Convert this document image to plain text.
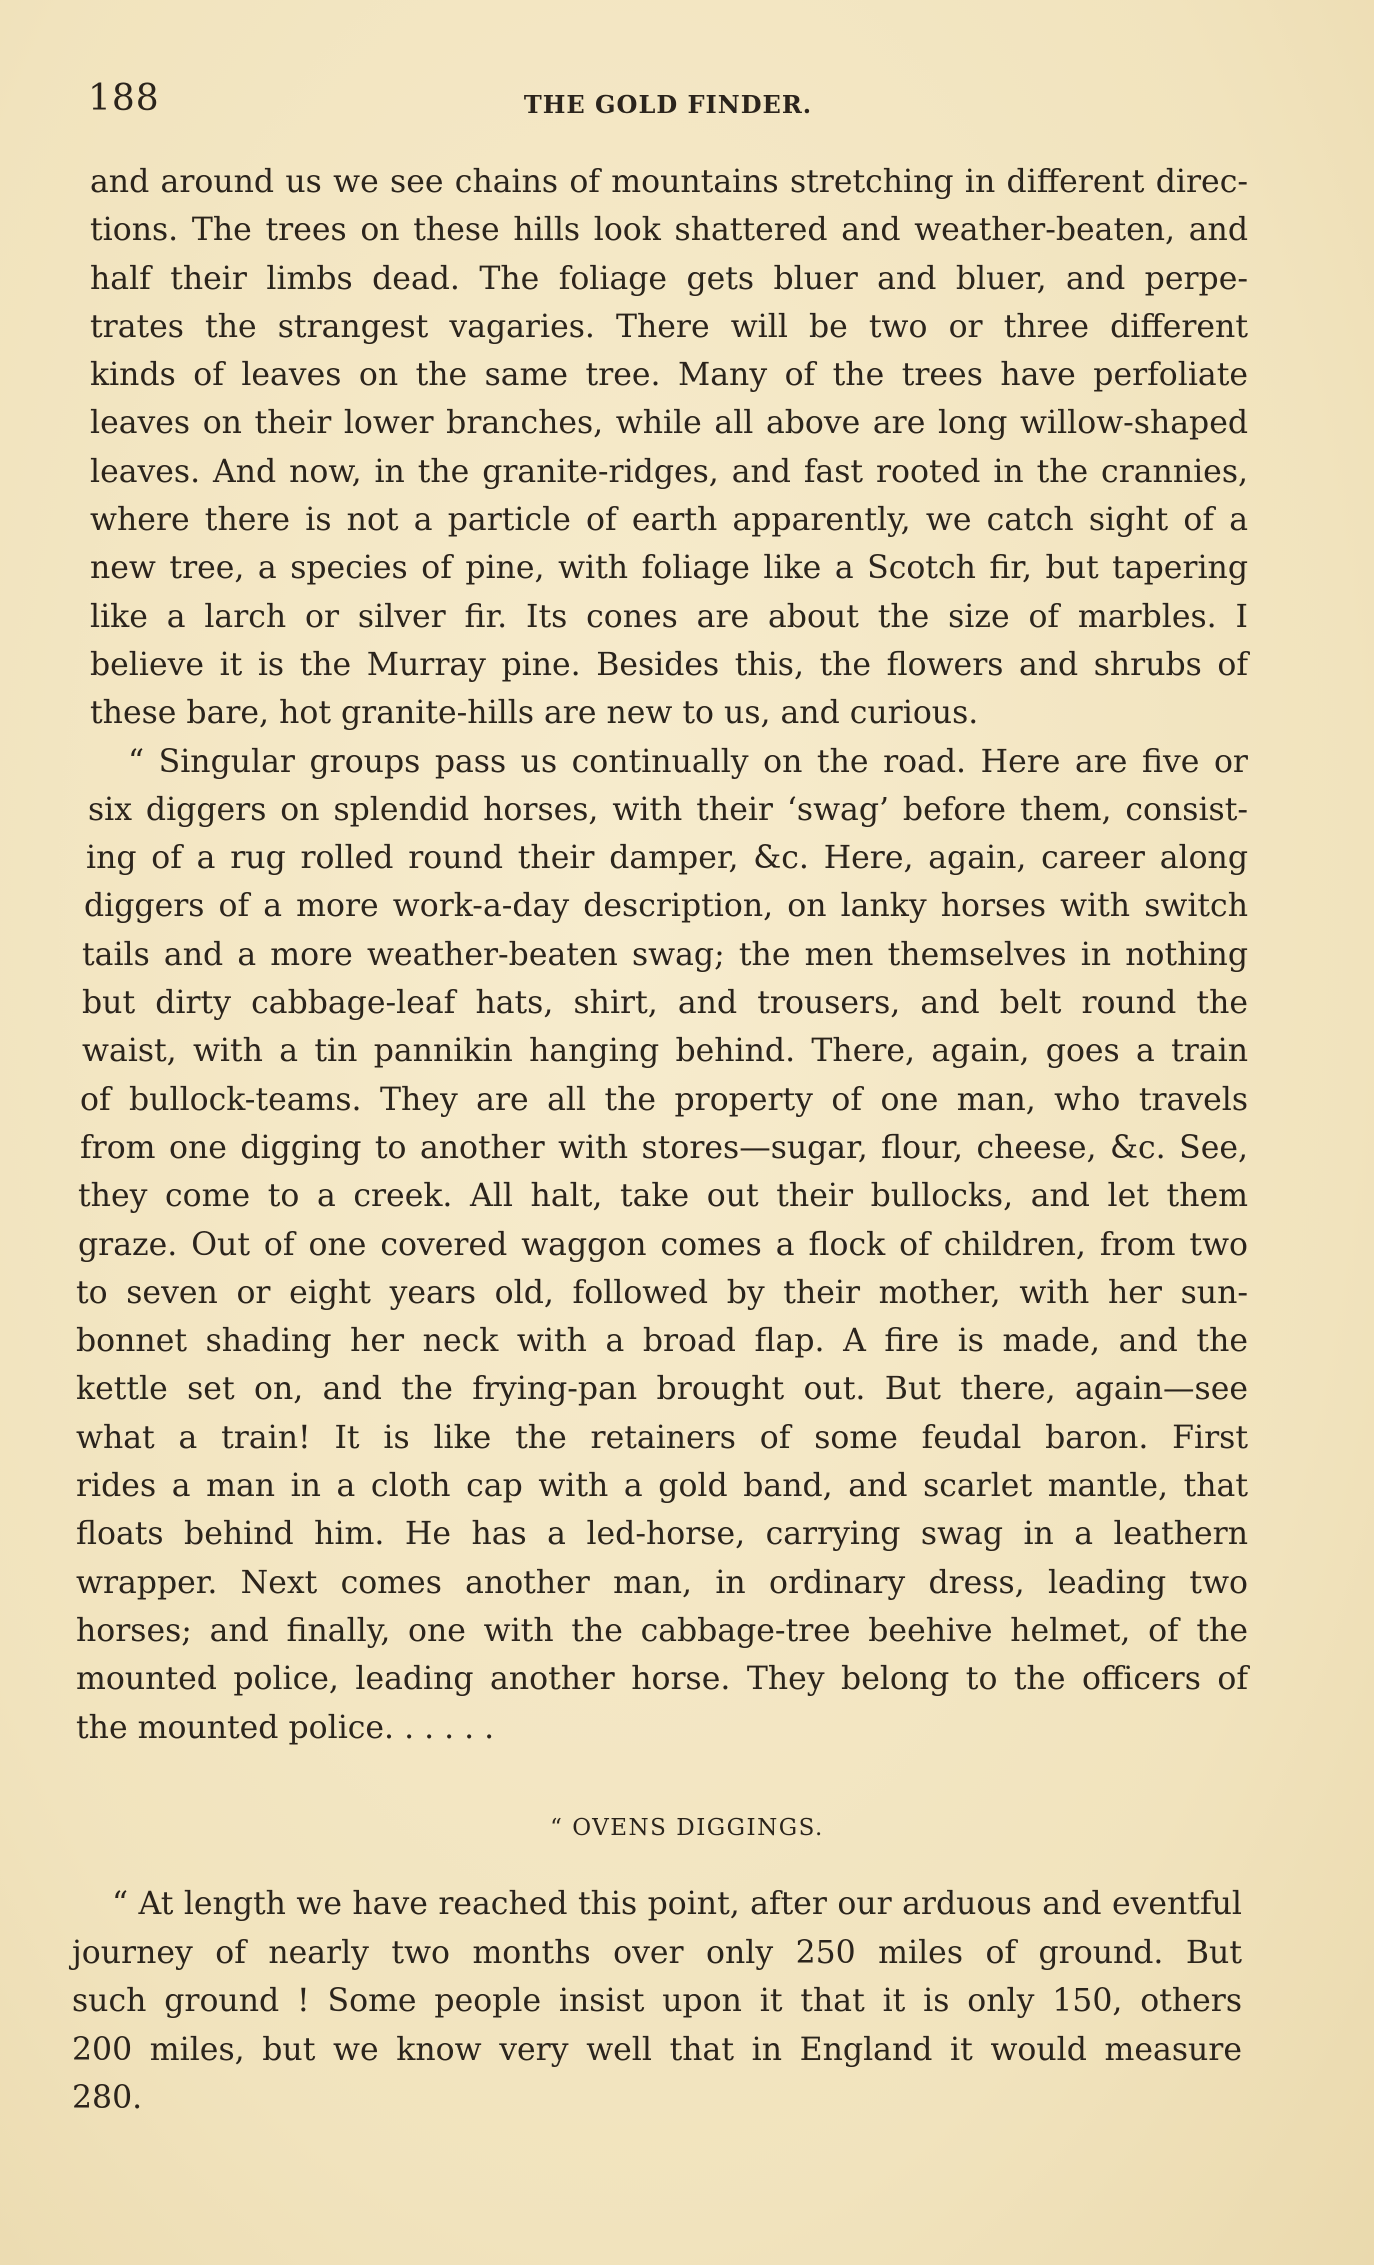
188	THE GOLD FINDER.
and around us we see chains of mountains stretching in different direc-
tions. The trees on these hills look shattered and weather-beaten, and
half their limbs dead. The foliage gets bluer and bluer, and perpe-
trates the strangest vagaries. There will be two or three different
kinds of leaves on the same tree. Many of the trees have perfoliate
leaves on their lower branches, while all above are long willow-shaped
leaves. And now, in the granite-ridges, and fast rooted in the crannies,
where there is not a particle of earth apparently, we catch sight of a
new tree, a species of pine, with foliage like a Scotch fir, but tapering
like a larch or silver fir. Its cones are about the size of marbles. I
believe it is the Murray pine. Besides this, the flowers and shrubs of
these bare, hot granite-hills are new to us, and curious.
“ Singular groups pass us continually on the road. Here are five or
six diggers on splendid horses, with their ‘swag’ before them, consist-
ing of a rug rolled round their damper, &c. Here, again, career along
diggers of a more work-a-day description, on lanky horses with switch
tails and a more weather-beaten swag; the men themselves in nothing
but dirty cabbage-leaf hats, shirt, and trousers, and belt round the
waist, with a tin pannikin hanging behind. There, again, goes a train
of bullock-teams. They are all the property of one man, who travels
from one digging to another with stores—sugar, flour, cheese, &c. See,
they come to a creek. All halt, take out their bullocks, and let them
graze. Out of one covered waggon comes a flock of children, from two
to seven or eight years old, followed by their mother, with her sun-
bonnet shading her neck with a broad flap. A fire is made, and the
kettle set on, and the frying-pan brought out. But there, again—see
what a train! It is like the retainers of some feudal baron. First
rides a man in a cloth cap with a gold band, and scarlet mantle, that
floats behind him. He has a led-horse, carrying swag in a leathern
wrapper. Next comes another man, in ordinary dress, leading two
horses; and finally, one with the cabbage-tree beehive helmet, of the
mounted police, leading another horse. They belong to the officers of
the mounted police. . . . . .
“ OVENS DIGGINGS.
“ At length we have reached this point, after our arduous and eventful
journey of nearly two months over only 250 miles of ground. But
such ground ! Some people insist upon it that it is only 150, others
200 miles, but we know very well that in England it would measure
280.
